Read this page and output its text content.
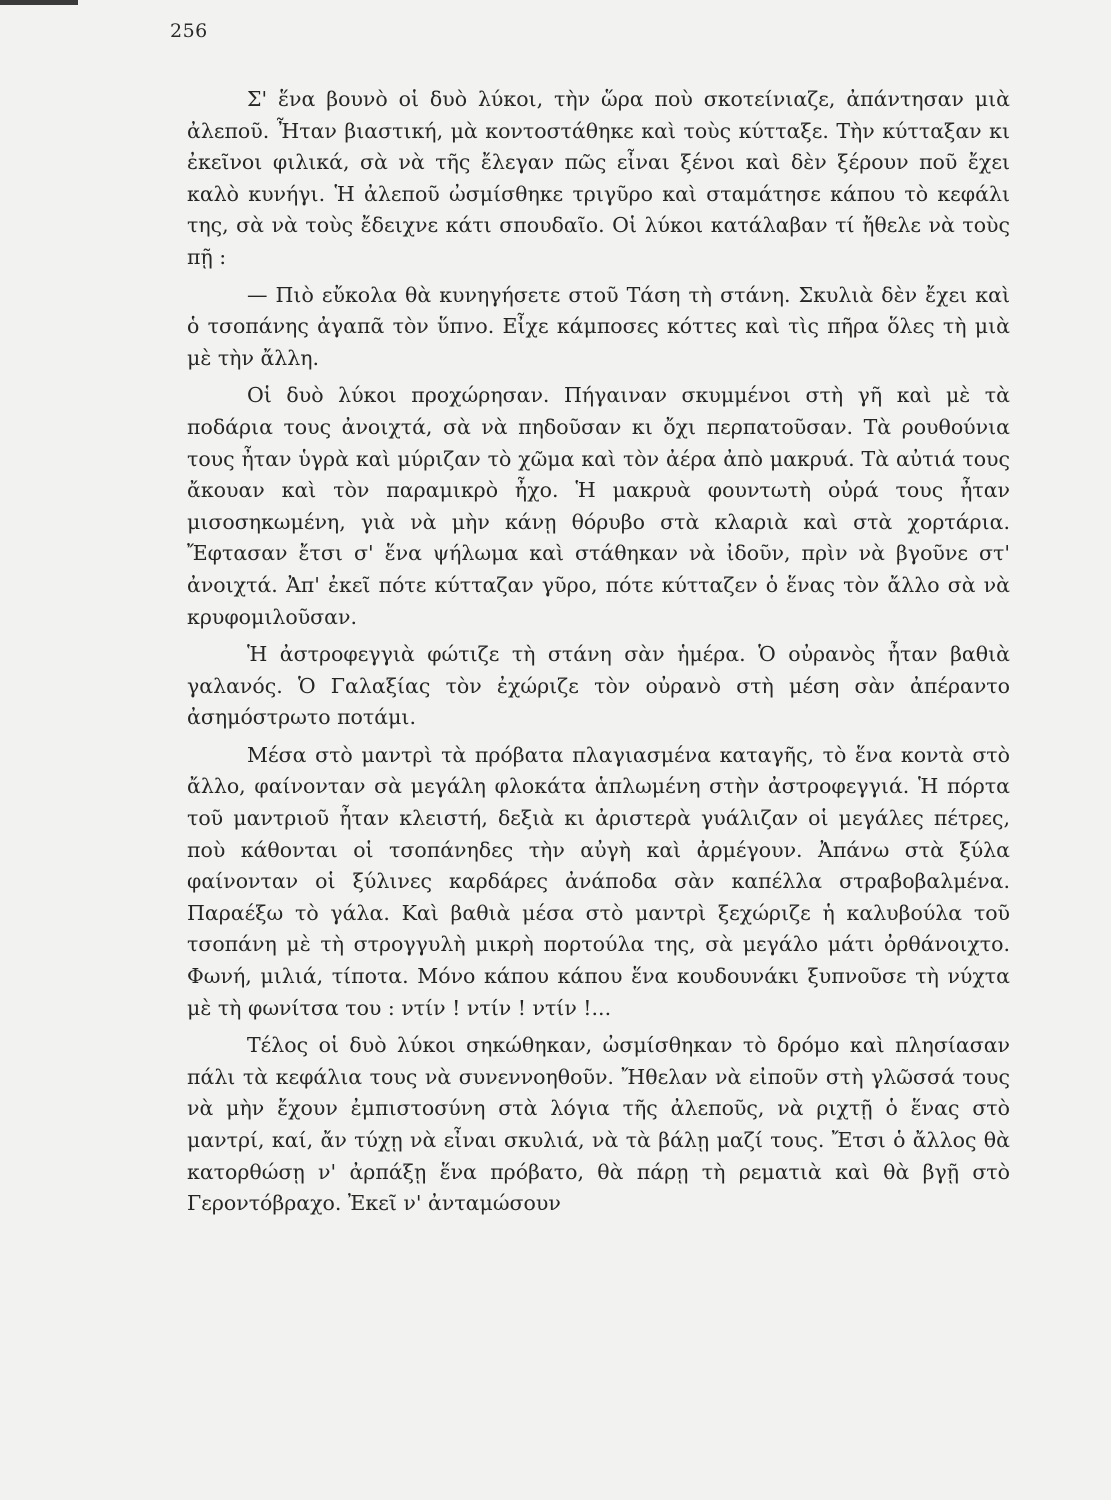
256

Σ' ἕνα βουνὸ οἱ δυὸ λύκοι, τὴν ὥρα ποὺ σκοτείνιαζε, ἀπάντησαν μιὰ ἀλεποῦ. Ἦταν βιαστική, μὰ κοντοστάθηκε καὶ τοὺς κύτταξε. Τὴν κύτταξαν κι ἐκεῖνοι φιλικά, σὰ νὰ τῆς ἔλεγαν πῶς εἶναι ξένοι καὶ δὲν ξέρουν ποῦ ἔχει καλὸ κυνήγι. Ἡ ἀλεποῦ ὠσμίσθηκε τριγῦρο καὶ σταμάτησε κάπου τὸ κεφάλι της, σὰ νὰ τοὺς ἔδειχνε κάτι σπουδαῖο. Οἱ λύκοι κατάλαβαν τί ἤθελε νὰ τοὺς πῇ :

— Πιὸ εὔκολα θὰ κυνηγήσετε στοῦ Τάση τὴ στάνη. Σκυλιὰ δὲν ἔχει καὶ ὁ τσοπάνης ἀγαπᾶ τὸν ὕπνο. Εἶχε κάμποσες κόττες καὶ τὶς πῆρα ὅλες τὴ μιὰ μὲ τὴν ἄλλη.

Οἱ δυὸ λύκοι προχώρησαν. Πήγαιναν σκυμμένοι στὴ γῆ καὶ μὲ τὰ ποδάρια τους ἀνοιχτά, σὰ νὰ πηδοῦσαν κι ὄχι περπατοῦσαν. Τὰ ρουθούνια τους ἦταν ὑγρὰ καὶ μύριζαν τὸ χῶμα καὶ τὸν ἀέρα ἀπὸ μακρυά. Τὰ αὐτιά τους ἄκουαν καὶ τὸν παραμικρὸ ἦχο. Ἡ μακρυὰ φουντωτὴ οὐρά τους ἦταν μισοσηκωμένη, γιὰ νὰ μὴν κάνῃ θόρυβο στὰ κλαριὰ καὶ στὰ χορτάρια. Ἔφτασαν ἔτσι σ' ἕνα ψήλωμα καὶ στάθηκαν νὰ ἰδοῦν, πρὶν νὰ βγοῦνε στ' ἀνοιχτά. Ἀπ' ἐκεῖ πότε κύτταζαν γῦρο, πότε κύτταζεν ὁ ἕνας τὸν ἄλλο σὰ νὰ κρυφομιλοῦσαν.

Ἡ ἀστροφεγγιὰ φώτιζε τὴ στάνη σὰν ἡμέρα. Ὁ οὐρανὸς ἦταν βαθιὰ γαλανός. Ὁ Γαλαξίας τὸν ἐχώριζε τὸν οὐρανὸ στὴ μέση σὰν ἀπέραντο ἀσημόστρωτο ποτάμι.

Μέσα στὸ μαντρὶ τὰ πρόβατα πλαγιασμένα καταγῆς, τὸ ἕνα κοντὰ στὸ ἄλλο, φαίνονταν σὰ μεγάλη φλοκάτα ἁπλωμένη στὴν ἀστροφεγγιά. Ἡ πόρτα τοῦ μαντριοῦ ἦταν κλειστή, δεξιὰ κι ἀριστερὰ γυάλιζαν οἱ μεγάλες πέτρες, ποὺ κάθονται οἱ τσοπάνηδες τὴν αὐγὴ καὶ ἀρμέγουν. Ἀπάνω στὰ ξύλα φαίνονταν οἱ ξύλινες καρδάρες ἀνάποδα σὰν καπέλλα στραβοβαλμένα. Παραέξω τὸ γάλα. Καὶ βαθιὰ μέσα στὸ μαντρὶ ξεχώριζε ἡ καλυβούλα τοῦ τσοπάνη μὲ τὴ στρογγυλὴ μικρὴ πορτούλα της, σὰ μεγάλο μάτι ὀρθάνοιχτο. Φωνή, μιλιά, τίποτα. Μόνο κάπου κάπου ἕνα κουδουνάκι ξυπνοῦσε τὴ νύχτα μὲ τὴ φωνίτσα του : ντίν ! ντίν ! ντίν !...

Τέλος οἱ δυὸ λύκοι σηκώθηκαν, ὠσμίσθηκαν τὸ δρόμο καὶ πλησίασαν πάλι τὰ κεφάλια τους νὰ συνεννοηθοῦν. Ἤθελαν νὰ εἰποῦν στὴ γλῶσσά τους νὰ μὴν ἔχουν ἐμπιστοσύνη στὰ λόγια τῆς ἀλεποῦς, νὰ ριχτῇ ὁ ἕνας στὸ μαντρί, καί, ἄν τύχῃ νὰ εἶναι σκυλιά, νὰ τὰ βάλῃ μαζί τους. Ἔτσι ὁ ἄλλος θὰ κατορθώσῃ ν' ἀρπάξῃ ἕνα πρόβατο, θὰ πάρῃ τὴ ρεματιὰ καὶ θὰ βγῇ στὸ Γεροντόβραχο. Ἐκεῖ ν' ἀνταμώσουν
